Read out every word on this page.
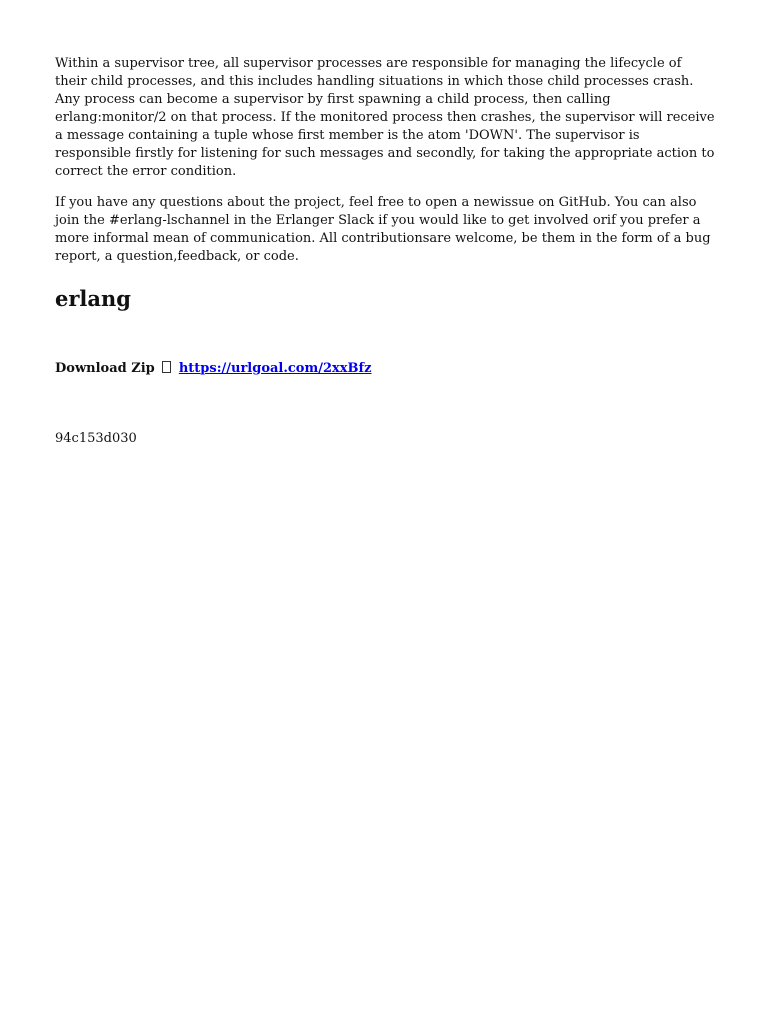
Within a supervisor tree, all supervisor processes are responsible for managing the lifecycle of their child processes, and this includes handling situations in which those child processes crash. Any process can become a supervisor by first spawning a child process, then calling erlang:monitor/2 on that process. If the monitored process then crashes, the supervisor will receive a message containing a tuple whose first member is the atom 'DOWN'. The supervisor is responsible firstly for listening for such messages and secondly, for taking the appropriate action to correct the error condition.

If you have any questions about the project, feel free to open a newissue on GitHub. You can also join the #erlang-lschannel in the Erlanger Slack if you would like to get involved orif you prefer a more informal mean of communication. All contributionsare welcome, be them in the form of a bug report, a question,feedback, or code.

erlang
Download Zip https://urlgoal.com/2xxBfz
94c153d030
